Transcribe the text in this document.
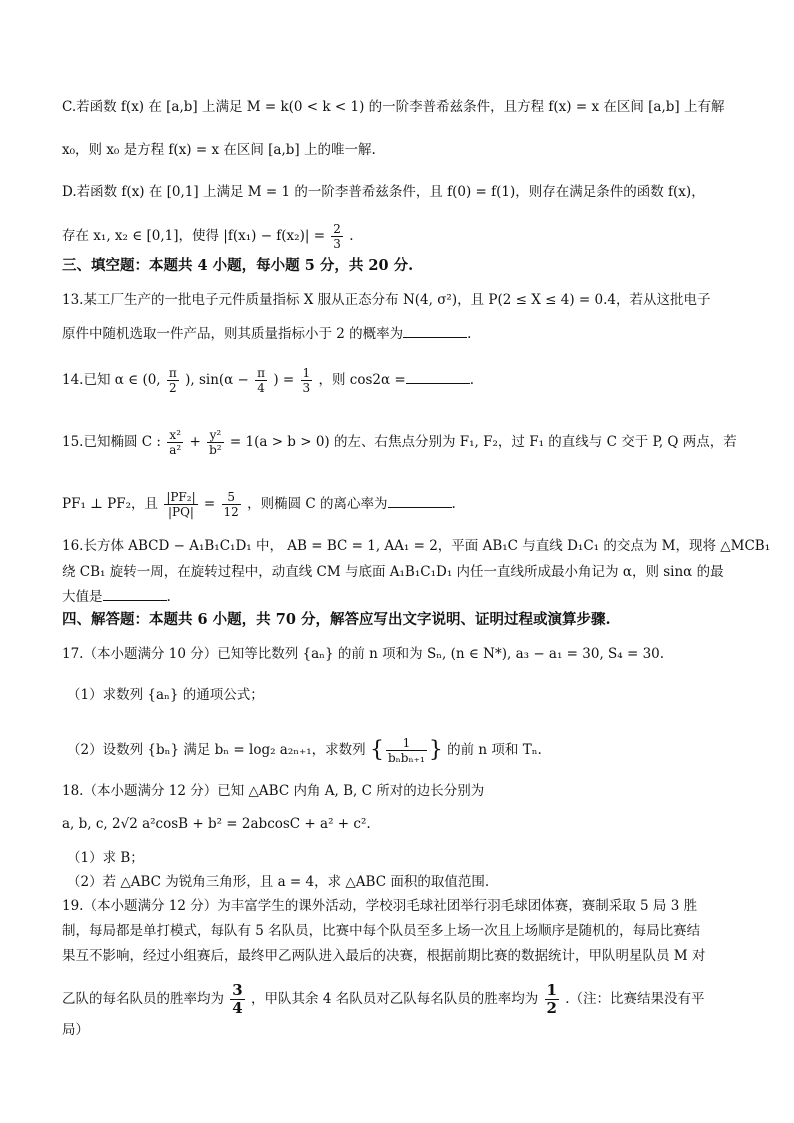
C.若函数 f(x) 在 [a,b] 上满足 M = k(0 < k < 1) 的一阶李普希兹条件，且方程 f(x) = x 在区间 [a,b] 上有解
x₀，则 x₀ 是方程 f(x) = x 在区间 [a,b] 上的唯一解.
D.若函数 f(x) 在 [0,1] 上满足 M = 1 的一阶李普希兹条件，且 f(0) = f(1)，则存在满足条件的函数 f(x)，
存在 x₁, x₂ ∈ [0,1]，使得 $|f(x_1) - f(x_2)| = \frac{2}{3}$ .
三、填空题：本题共 4 小题，每小题 5 分，共 20 分.
13.某工厂生产的一批电子元件质量指标 X 服从正态分布 N(4, σ²)，且 P(2 ≤ X ≤ 4) = 0.4，若从这批电子
原件中随机选取一件产品，则其质量指标小于 2 的概率为	.
14.已知 α ∈ (0, $\frac{\pi}{2}$ ), $\sin(\alpha - \frac{\pi}{4}$ ) = $\frac{1}{3}$ ，则 cos2α =	.
15.已知椭圆 C : $\frac{\text{x²}}{\text{a²}} + \frac{\text{y²}}{\text{b²}} = 1(a > b > 0)$ 的左、右焦点分别为 F₁, F₂，过 F₁ 的直线与 C 交于 P, Q 两点，若
PF₁ ⊥ PF₂，且 $\frac{\text{|PF₂|}}{|PQ|} = \frac{5}{12}$ ，则椭圆 C 的离心率为	.
16.长方体 ABCD − A₁B₁C₁D₁ 中， AB = BC = 1, AA₁ = 2，平面 AB₁C 与直线 D₁C₁ 的交点为 M，现将 △MCB₁
绕 CB₁ 旋转一周，在旋转过程中，动直线 CM 与底面 A₁B₁C₁D₁ 内任一直线所成最小角记为 α，则 sinα 的最
大值是	.
四、解答题：本题共 6 小题，共 70 分，解答应写出文字说明、证明过程或演算步骤.
17.（本小题满分 10 分）已知等比数列 {aₙ} 的前 n 项和为 Sₙ, (n ∈ N*), a₃ − a₁ = 30, S₄ = 30.
（1）求数列 {aₙ} 的通项公式；
（2）设数列 {bₙ} 满足 bₙ = log₂ a₂ₙ₊₁，求数列 { $\frac{1}{\text{bₙbₙ₊₁}}$ } 的前 n 项和 Tₙ.
18.（本小题满分 12 分）已知 △ABC 内角 A, B, C 所对的边长分别为
a, b, c, 2√2 a²cosB + b² = 2abcosC + a² + c².
（1）求 B；
（2）若 △ABC 为锐角三角形，且 a = 4，求 △ABC 面积的取值范围.
19.（本小题满分 12 分）为丰富学生的课外活动，学校羽毛球社团举行羽毛球团体赛，赛制采取 5 局 3 胜
制，每局都是单打模式，每队有 5 名队员，比赛中每个队员至多上场一次且上场顺序是随机的，每局比赛结
果互不影响，经过小组赛后，最终甲乙两队进入最后的决赛，根据前期比赛的数据统计，甲队明星队员 M 对
乙队的每名队员的胜率均为 $\frac{3}{4}$ ，甲队其余 4 名队员对乙队每名队员的胜率均为 $\frac{1}{2}$ .（注：比赛结果没有平
局）
